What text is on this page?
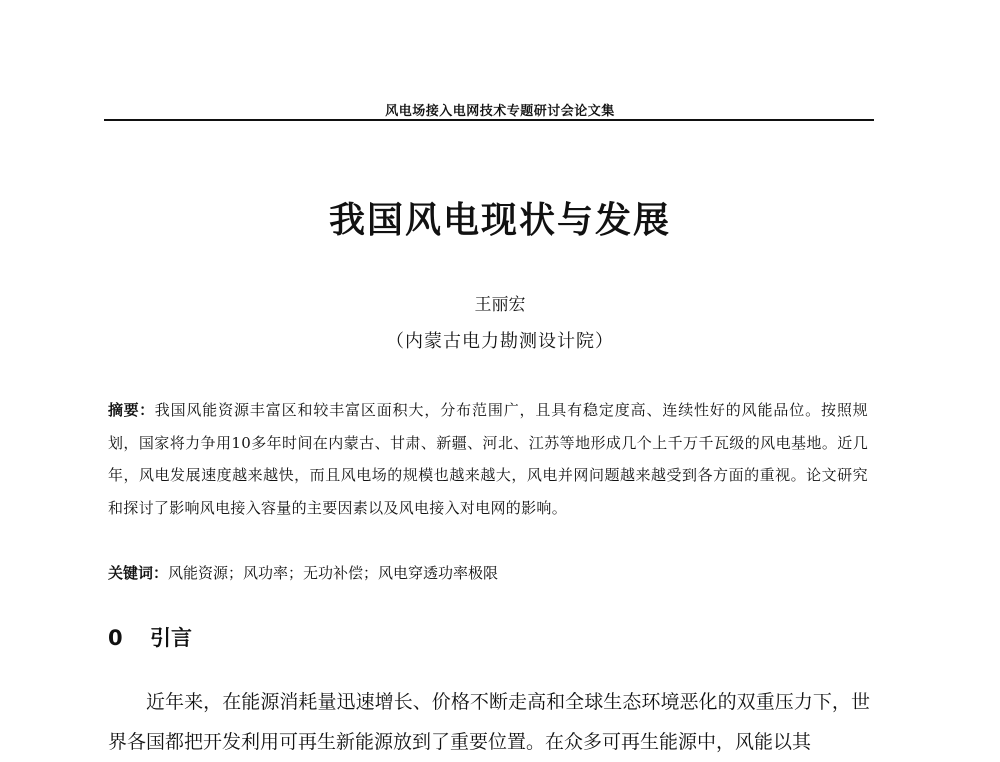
风电场接入电网技术专题研讨会论文集
我国风电现状与发展
王丽宏
（内蒙古电力勘测设计院）
摘要：我国风能资源丰富区和较丰富区面积大，分布范围广，且具有稳定度高、连续性好的风能品位。按照规划，国家将力争用10多年时间在内蒙古、甘肃、新疆、河北、江苏等地形成几个上千万千瓦级的风电基地。近几年，风电发展速度越来越快，而且风电场的规模也越来越大，风电并网问题越来越受到各方面的重视。论文研究和探讨了影响风电接入容量的主要因素以及风电接入对电网的影响。
关键词：风能资源；风功率；无功补偿；风电穿透功率极限
0 引言
近年来，在能源消耗量迅速增长、价格不断走高和全球生态环境恶化的双重压力下，世界各国都把开发利用可再生新能源放到了重要位置。在众多可再生能源中，风能以其
